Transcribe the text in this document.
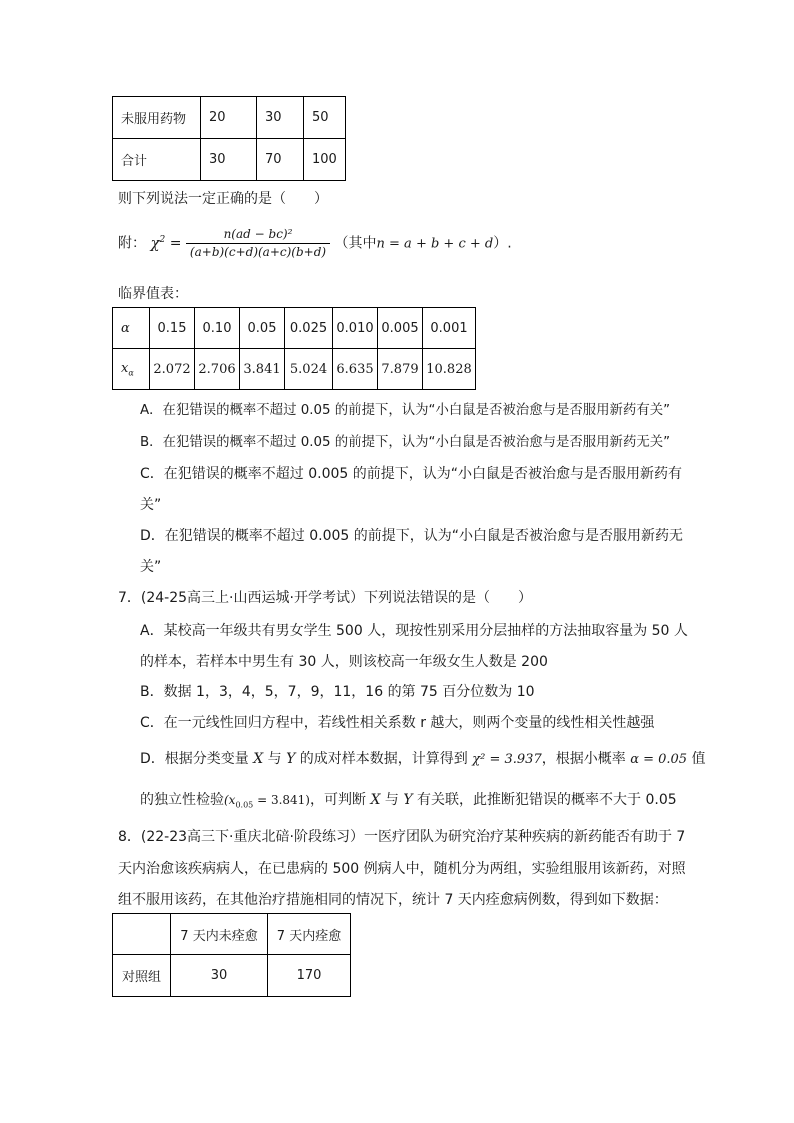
未服用药物	20	30	50
合计	30	70	100
则下列说法一定正确的是（　　）
附： $\chi^2 = \frac{\text{n(ad − bc)²}}{(a+b)(c+d)(a+c)(b+d)}$ （其中n = a + b + c + d）.
临界值表：
α	0.15	0.10	0.05	0.025	0.010	0.005	0.001
$x_\alpha$	2.072	2.706	3.841	5.024	6.635	7.879	10.828
A．在犯错误的概率不超过 0.05 的前提下，认为“小白鼠是否被治愈与是否服用新药有关”
B．在犯错误的概率不超过 0.05 的前提下，认为“小白鼠是否被治愈与是否服用新药无关”
C．在犯错误的概率不超过 0.005 的前提下，认为“小白鼠是否被治愈与是否服用新药有
关”
D．在犯错误的概率不超过 0.005 的前提下，认为“小白鼠是否被治愈与是否服用新药无
关”
7．(24-25高三上·山西运城·开学考试）下列说法错误的是（　　）
A．某校高一年级共有男女学生 500 人，现按性别采用分层抽样的方法抽取容量为 50 人
的样本，若样本中男生有 30 人，则该校高一年级女生人数是 200
B．数据 1，3，4，5，7，9，11，16 的第 75 百分位数为 10
C．在一元线性回归方程中，若线性相关系数 r 越大，则两个变量的线性相关性越强
D．根据分类变量 X 与 Y 的成对样本数据，计算得到 χ² = 3.937，根据小概率 α = 0.05 值
的独立性检验$(x_{0.05} = 3.841)$，可判断 X 与 Y 有关联，此推断犯错误的概率不大于 0.05
8．(22-23高三下·重庆北碚·阶段练习）一医疗团队为研究治疗某种疾病的新药能否有助于 7
天内治愈该疾病病人，在已患病的 500 例病人中，随机分为两组，实验组服用该新药，对照
组不服用该药，在其他治疗措施相同的情况下，统计 7 天内痊愈病例数，得到如下数据：
	7 天内未痊愈	7 天内痊愈
对照组	30	170
